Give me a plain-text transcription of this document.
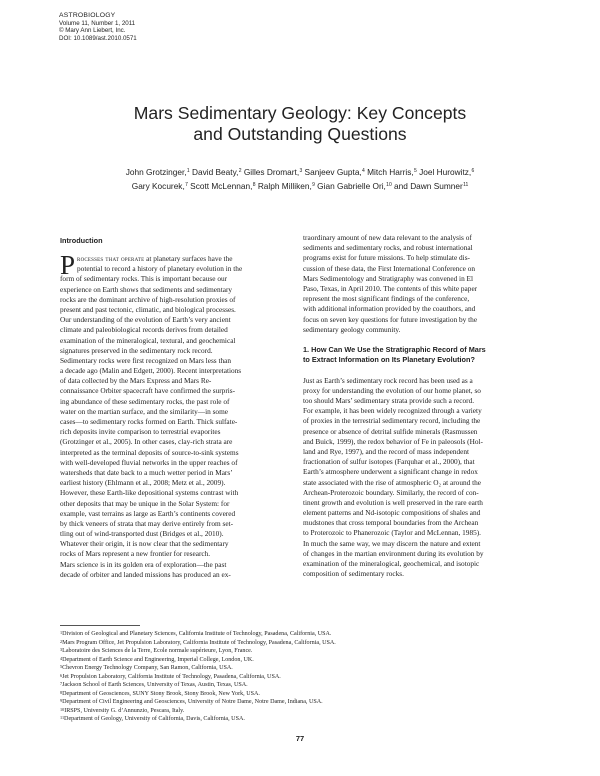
ASTROBIOLOGY
Volume 11, Number 1, 2011
© Mary Ann Liebert, Inc.
DOI: 10.1089/ast.2010.0571
Mars Sedimentary Geology: Key Concepts
and Outstanding Questions
John Grotzinger,$^1$ David Beaty,$^2$ Gilles Dromart,$^3$ Sanjeev Gupta,$^4$ Mitch Harris,$^5$ Joel Hurowitz,$^6$
Gary Kocurek,$^7$ Scott McLennan,$^8$ Ralph Milliken,$^9$ Gian Gabrielle Ori,$^{10}$ and Dawn Sumner$^{11}$
Introduction
Processes that operate at planetary surfaces have the
potential to record a history of planetary evolution in the
form of sedimentary rocks. This is important because our
experience on Earth shows that sediments and sedimentary
rocks are the dominant archive of high-resolution proxies of
present and past tectonic, climatic, and biological processes.
Our understanding of the evolution of Earth’s very ancient
climate and paleobiological records derives from detailed
examination of the mineralogical, textural, and geochemical
signatures preserved in the sedimentary rock record.
Sedimentary rocks were first recognized on Mars less than
a decade ago (Malin and Edgett, 2000). Recent interpretations
of data collected by the Mars Express and Mars Re-
connaissance Orbiter spacecraft have confirmed the surpris-
ing abundance of these sedimentary rocks, the past role of
water on the martian surface, and the similarity—in some
cases—to sedimentary rocks formed on Earth. Thick sulfate-
rich deposits invite comparison to terrestrial evaporites
(Grotzinger et al., 2005). In other cases, clay-rich strata are
interpreted as the terminal deposits of source-to-sink systems
with well-developed fluvial networks in the upper reaches of
watersheds that date back to a much wetter period in Mars’
earliest history (Ehlmann et al., 2008; Metz et al., 2009).
However, these Earth-like depositional systems contrast with
other deposits that may be unique in the Solar System: for
example, vast terrains as large as Earth’s continents covered
by thick veneers of strata that may derive entirely from set-
tling out of wind-transported dust (Bridges et al., 2010).
Whatever their origin, it is now clear that the sedimentary
rocks of Mars represent a new frontier for research.
Mars science is in its golden era of exploration—the past
decade of orbiter and landed missions has produced an ex-
traordinary amount of new data relevant to the analysis of
sediments and sedimentary rocks, and robust international
programs exist for future missions. To help stimulate dis-
cussion of these data, the First International Conference on
Mars Sedimentology and Stratigraphy was convened in El
Paso, Texas, in April 2010. The contents of this white paper
represent the most significant findings of the conference,
with additional information provided by the coauthors, and
focus on seven key questions for future investigation by the
sedimentary geology community.
1. How Can We Use the Stratigraphic Record of Mars
to Extract Information on Its Planetary Evolution?
Just as Earth’s sedimentary rock record has been used as a
proxy for understanding the evolution of our home planet, so
too should Mars’ sedimentary strata provide such a record.
For example, it has been widely recognized through a variety
of proxies in the terrestrial sedimentary record, including the
presence or absence of detrital sulfide minerals (Rasmussen
and Buick, 1999), the redox behavior of Fe in paleosols (Hol-
land and Rye, 1997), and the record of mass independent
fractionation of sulfur isotopes (Farquhar et al., 2000), that
Earth’s atmosphere underwent a significant change in redox
state associated with the rise of atmospheric O₂ at around the
Archean-Proterozoic boundary. Similarly, the record of con-
tinent growth and evolution is well preserved in the rare earth
element patterns and Nd-isotopic compositions of shales and
mudstones that cross temporal boundaries from the Archean
to Proterozoic to Phanerozoic (Taylor and McLennan, 1985).
In much the same way, we may discern the nature and extent
of changes in the martian environment during its evolution by
examination of the mineralogical, geochemical, and isotopic
composition of sedimentary rocks.
$^1$Division of Geological and Planetary Sciences, California Institute of Technology, Pasadena, California, USA.
$^2$Mars Program Office, Jet Propulsion Laboratory, California Institute of Technology, Pasadena, California, USA.
$^3$Laboratoire des Sciences de la Terre, Ecole normale supérieure, Lyon, France.
$^4$Department of Earth Science and Engineering, Imperial College, London, UK.
$^5$Chevron Energy Technology Company, San Ramon, California, USA.
$^6$Jet Propulsion Laboratory, California Institute of Technology, Pasadena, California, USA.
$^7$Jackson School of Earth Sciences, University of Texas, Austin, Texas, USA.
$^8$Department of Geosciences, SUNY Stony Brook, Stony Brook, New York, USA.
$^9$Department of Civil Engineering and Geosciences, University of Notre Dame, Notre Dame, Indiana, USA.
$^{10}$IRSPS, University G. d’Annunzio, Pescara, Italy.
$^{11}$Department of Geology, University of California, Davis, California, USA.
77
